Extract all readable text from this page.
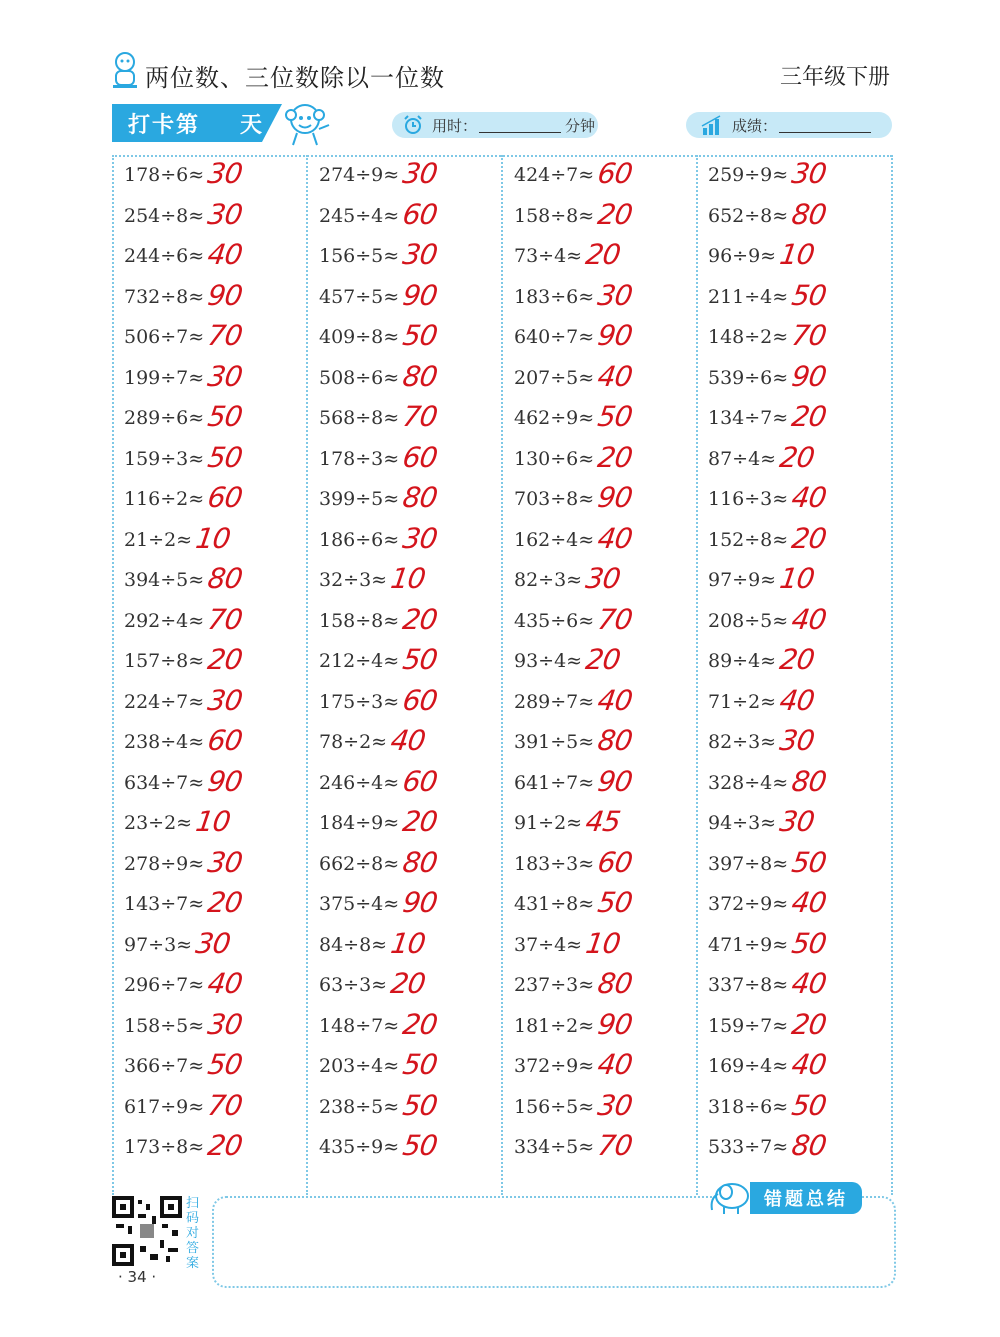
两位数、三位数除以一位数	三年级下册
打卡第 天	用时：	分钟	成绩：
178÷6≈ 30
254÷8≈ 30
244÷6≈ 40
732÷8≈ 90
506÷7≈ 70
199÷7≈ 30
289÷6≈ 50
159÷3≈ 50
116÷2≈ 60
21÷2≈ 10
394÷5≈ 80
292÷4≈ 70
157÷8≈ 20
224÷7≈ 30
238÷4≈ 60
634÷7≈ 90
23÷2≈ 10
278÷9≈ 30
143÷7≈ 20
97÷3≈ 30
296÷7≈ 40
158÷5≈ 30
366÷7≈ 50
617÷9≈ 70
173÷8≈ 20
274÷9≈ 30
245÷4≈ 60
156÷5≈ 30
457÷5≈ 90
409÷8≈ 50
508÷6≈ 80
568÷8≈ 70
178÷3≈ 60
399÷5≈ 80
186÷6≈ 30
32÷3≈ 10
158÷8≈ 20
212÷4≈ 50
175÷3≈ 60
78÷2≈ 40
246÷4≈ 60
184÷9≈ 20
662÷8≈ 80
375÷4≈ 90
84÷8≈ 10
63÷3≈ 20
148÷7≈ 20
203÷4≈ 50
238÷5≈ 50
435÷9≈ 50
424÷7≈ 60
158÷8≈ 20
73÷4≈ 20
183÷6≈ 30
640÷7≈ 90
207÷5≈ 40
462÷9≈ 50
130÷6≈ 20
703÷8≈ 90
162÷4≈ 40
82÷3≈ 30
435÷6≈ 70
93÷4≈ 20
289÷7≈ 40
391÷5≈ 80
641÷7≈ 90
91÷2≈ 45
183÷3≈ 60
431÷8≈ 50
37÷4≈ 10
237÷3≈ 80
181÷2≈ 90
372÷9≈ 40
156÷5≈ 30
334÷5≈ 70
259÷9≈ 30
652÷8≈ 80
96÷9≈ 10
211÷4≈ 50
148÷2≈ 70
539÷6≈ 90
134÷7≈ 20
87÷4≈ 20
116÷3≈ 40
152÷8≈ 20
97÷9≈ 10
208÷5≈ 40
89÷4≈ 20
71÷2≈ 40
82÷3≈ 30
328÷4≈ 80
94÷3≈ 30
397÷8≈ 50
372÷9≈ 40
471÷9≈ 50
337÷8≈ 40
159÷7≈ 20
169÷4≈ 40
318÷6≈ 50
533÷7≈ 80
错题总结
扫码对答案
· 34 ·
